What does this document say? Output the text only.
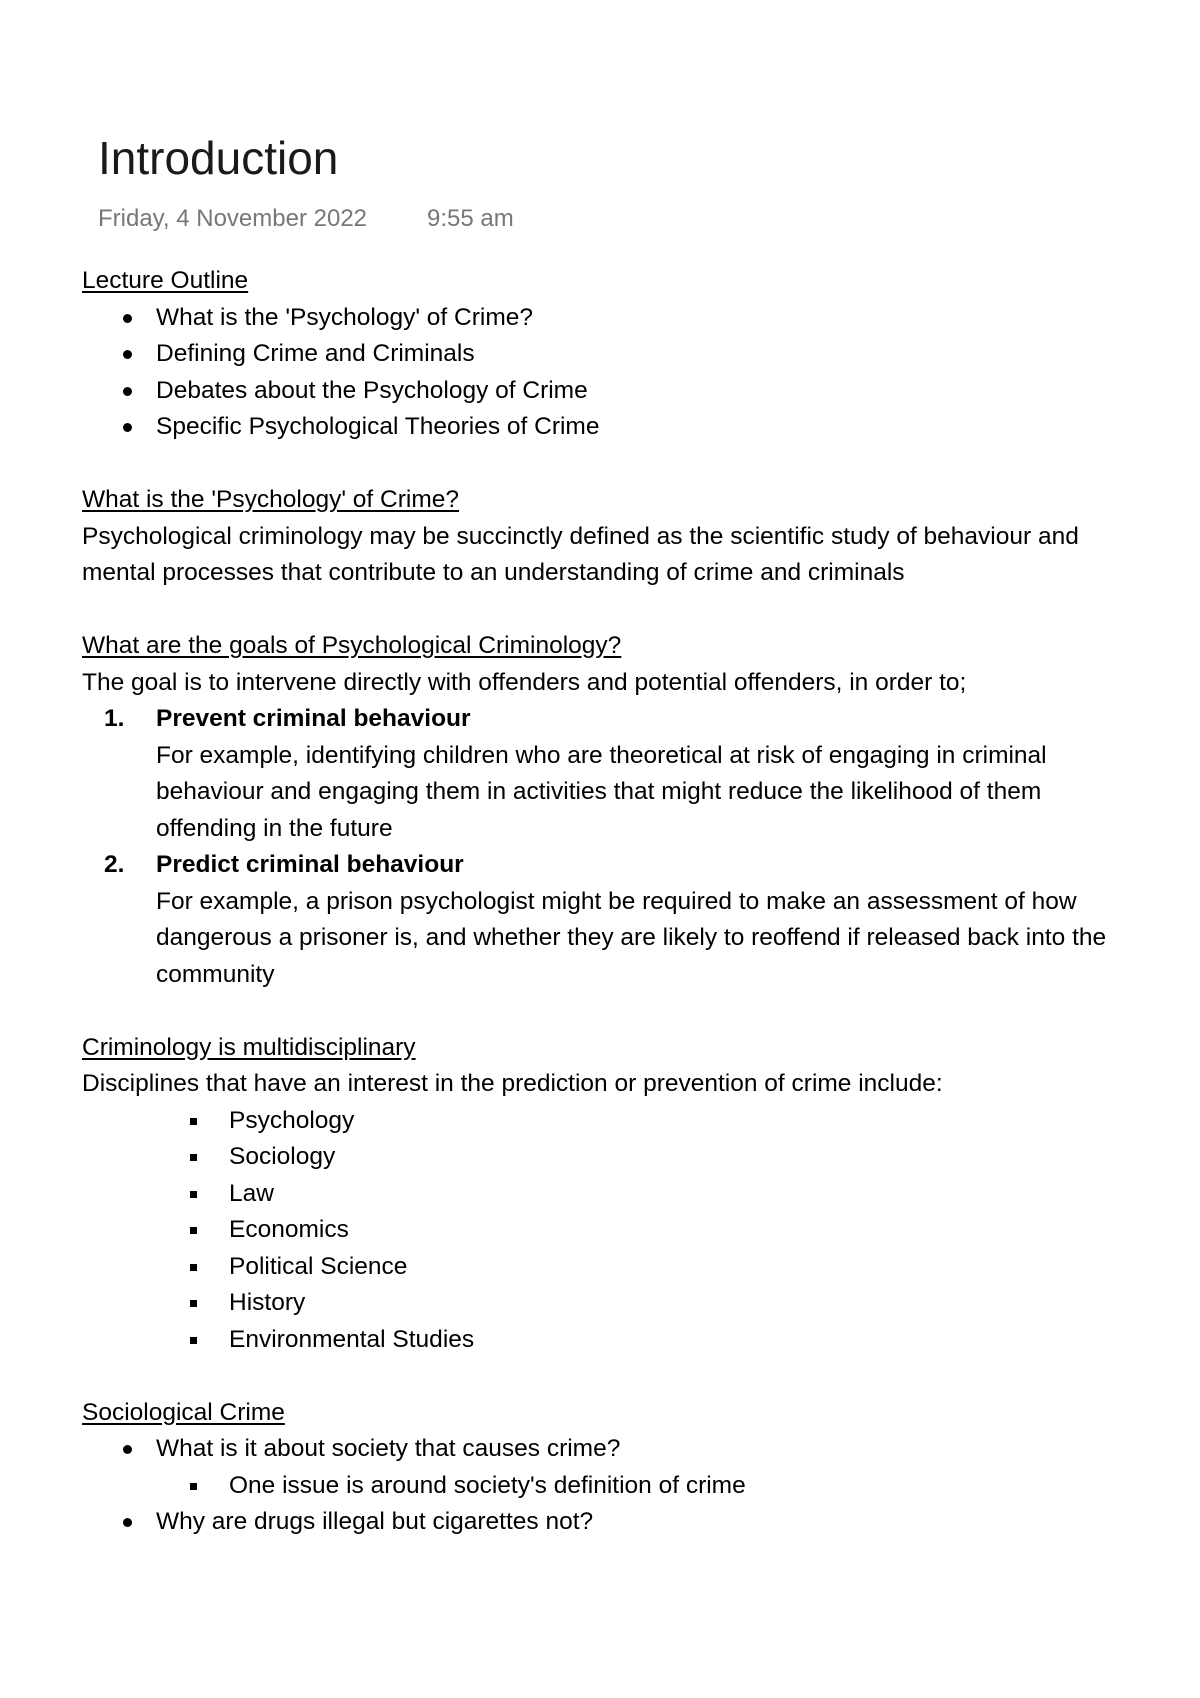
Introduction
Friday, 4 November 2022	9:55 am
Lecture Outline
What is the 'Psychology' of Crime?
Defining Crime and Criminals
Debates about the Psychology of Crime
Specific Psychological Theories of Crime
What is the 'Psychology' of Crime?

Psychological criminology may be succinctly defined as the scientific study of behaviour and mental processes that contribute to an understanding of crime and criminals

What are the goals of Psychological Criminology?

The goal is to intervene directly with offenders and potential offenders, in order to;

1. Prevent criminal behaviour
For example, identifying children who are theoretical at risk of engaging in criminal behaviour and engaging them in activities that might reduce the likelihood of them offending in the future
2. Predict criminal behaviour
For example, a prison psychologist might be required to make an assessment of how dangerous a prisoner is, and whether they are likely to reoffend if released back into the community
Criminology is multidisciplinary

Disciplines that have an interest in the prediction or prevention of crime include:

Psychology
Sociology
Law
Economics
Political Science
History
Environmental Studies
Sociological Crime
What is it about society that causes crime?
One issue is around society's definition of crime
Why are drugs illegal but cigarettes not?
